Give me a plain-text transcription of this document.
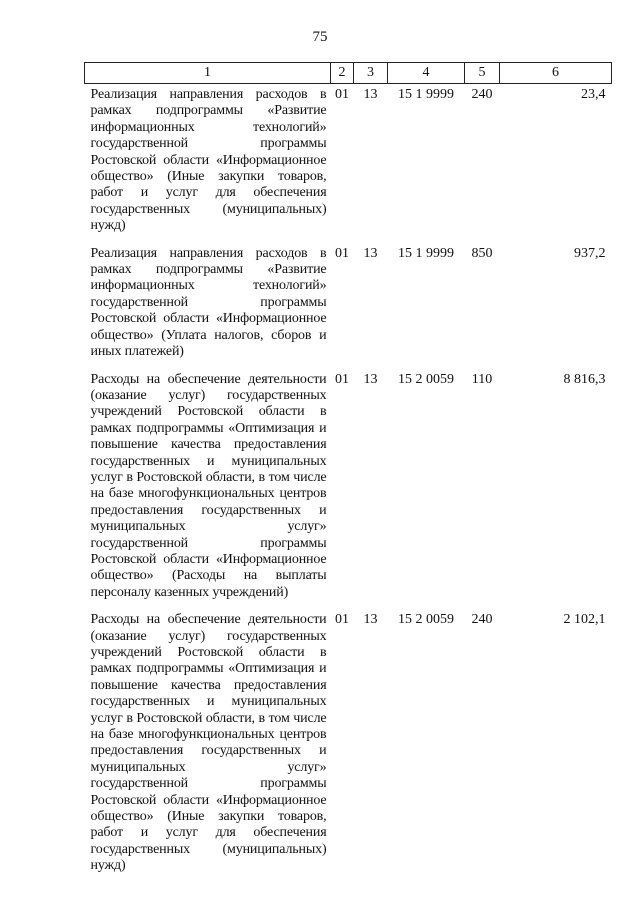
75
1	2	3	4	5	6

Реализация направления расходов в рамках подпрограммы «Развитие информационных технологий» государственной программы Ростовской области «Информационное общество» (Иные закупки товаров, работ и услуг для обеспечения государственных (муниципальных) нужд)	01	13	15 1 9999	240	23,4

Реализация направления расходов в рамках подпрограммы «Развитие информационных технологий» государственной программы Ростовской области «Информационное общество» (Уплата налогов, сборов и иных платежей)	01	13	15 1 9999	850	937,2

Расходы на обеспечение деятельности (оказание услуг) государственных учреждений Ростовской области в рамках подпрограммы «Оптимизация и повышение качества предоставления государственных и муниципальных услуг в Ростовской области, в том числе на базе многофункциональных центров предоставления государственных и муниципальных услуг» государственной программы Ростовской области «Информационное общество» (Расходы на выплаты персоналу казенных учреждений)	01	13	15 2 0059	110	8 816,3

Расходы на обеспечение деятельности (оказание услуг) государственных учреждений Ростовской области в рамках подпрограммы «Оптимизация и повышение качества предоставления государственных и муниципальных услуг в Ростовской области, в том числе на базе многофункциональных центров предоставления государственных и муниципальных услуг» государственной программы Ростовской области «Информационное общество» (Иные закупки товаров, работ и услуг для обеспечения государственных (муниципальных) нужд)	01	13	15 2 0059	240	2 102,1
